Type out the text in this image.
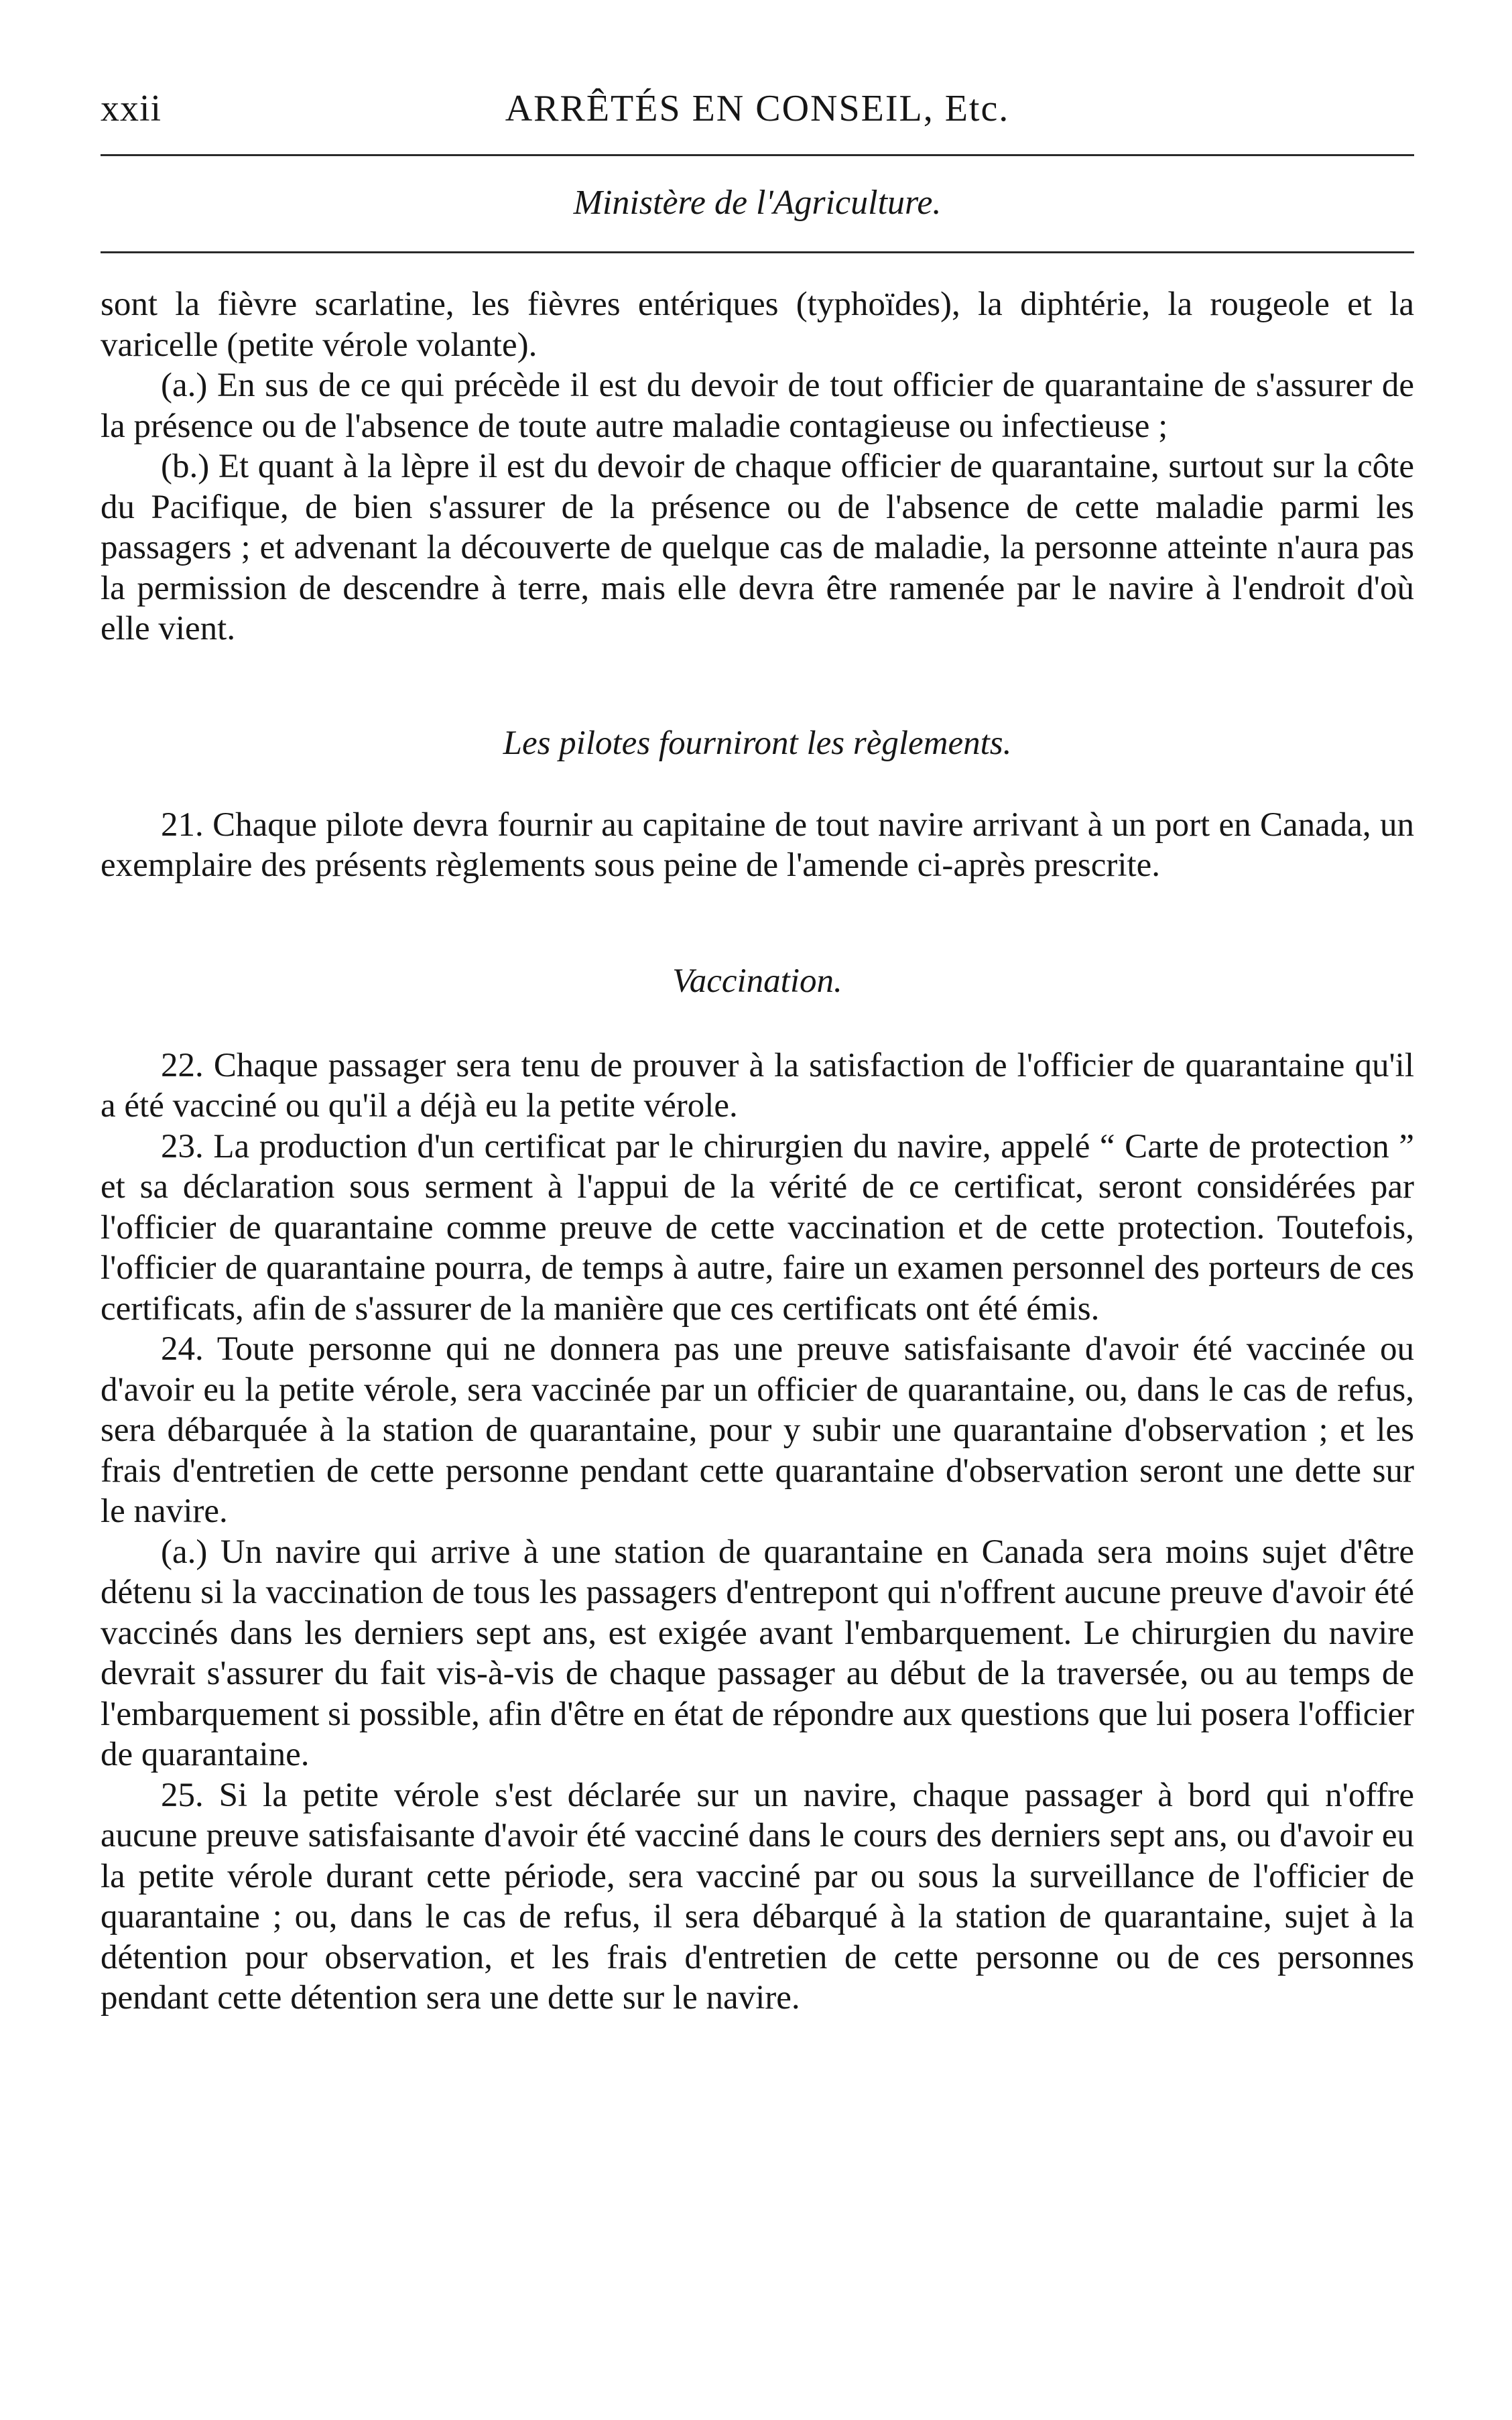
xxii	ARRÊTÉS EN CONSEIL, Etc.
Ministère de l'Agriculture.

sont la fièvre scarlatine, les fièvres entériques (typhoïdes), la diphtérie, la rougeole et la varicelle (petite vérole volante).

(a.) En sus de ce qui précède il est du devoir de tout officier de quarantaine de s'assurer de la présence ou de l'absence de toute autre maladie contagieuse ou infectieuse ;

(b.) Et quant à la lèpre il est du devoir de chaque officier de quarantaine, surtout sur la côte du Pacifique, de bien s'assurer de la présence ou de l'absence de cette maladie parmi les passagers ; et advenant la découverte de quelque cas de maladie, la personne atteinte n'aura pas la permission de descendre à terre, mais elle devra être ramenée par le navire à l'endroit d'où elle vient.

Les pilotes fourniront les règlements.

21. Chaque pilote devra fournir au capitaine de tout navire arrivant à un port en Canada, un exemplaire des présents règlements sous peine de l'amende ci-après prescrite.

Vaccination.

22. Chaque passager sera tenu de prouver à la satisfaction de l'officier de quarantaine qu'il a été vacciné ou qu'il a déjà eu la petite vérole.

23. La production d'un certificat par le chirurgien du navire, appelé “ Carte de protection ” et sa déclaration sous serment à l'appui de la vérité de ce certificat, seront considérées par l'officier de quarantaine comme preuve de cette vaccination et de cette protection. Toutefois, l'officier de quarantaine pourra, de temps à autre, faire un examen personnel des porteurs de ces certificats, afin de s'assurer de la manière que ces certificats ont été émis.

24. Toute personne qui ne donnera pas une preuve satisfaisante d'avoir été vaccinée ou d'avoir eu la petite vérole, sera vaccinée par un officier de quarantaine, ou, dans le cas de refus, sera débarquée à la station de quarantaine, pour y subir une quarantaine d'observation ; et les frais d'entretien de cette personne pendant cette quarantaine d'observation seront une dette sur le navire.

(a.) Un navire qui arrive à une station de quarantaine en Canada sera moins sujet d'être détenu si la vaccination de tous les passagers d'entrepont qui n'offrent aucune preuve d'avoir été vaccinés dans les derniers sept ans, est exigée avant l'embarquement. Le chirurgien du navire devrait s'assurer du fait vis-à-vis de chaque passager au début de la traversée, ou au temps de l'embarquement si possible, afin d'être en état de répondre aux questions que lui posera l'officier de quarantaine.

25. Si la petite vérole s'est déclarée sur un navire, chaque passager à bord qui n'offre aucune preuve satisfaisante d'avoir été vacciné dans le cours des derniers sept ans, ou d'avoir eu la petite vérole durant cette période, sera vacciné par ou sous la surveillance de l'officier de quarantaine ; ou, dans le cas de refus, il sera débarqué à la station de quarantaine, sujet à la détention pour observation, et les frais d'entretien de cette personne ou de ces personnes pendant cette détention sera une dette sur le navire.
